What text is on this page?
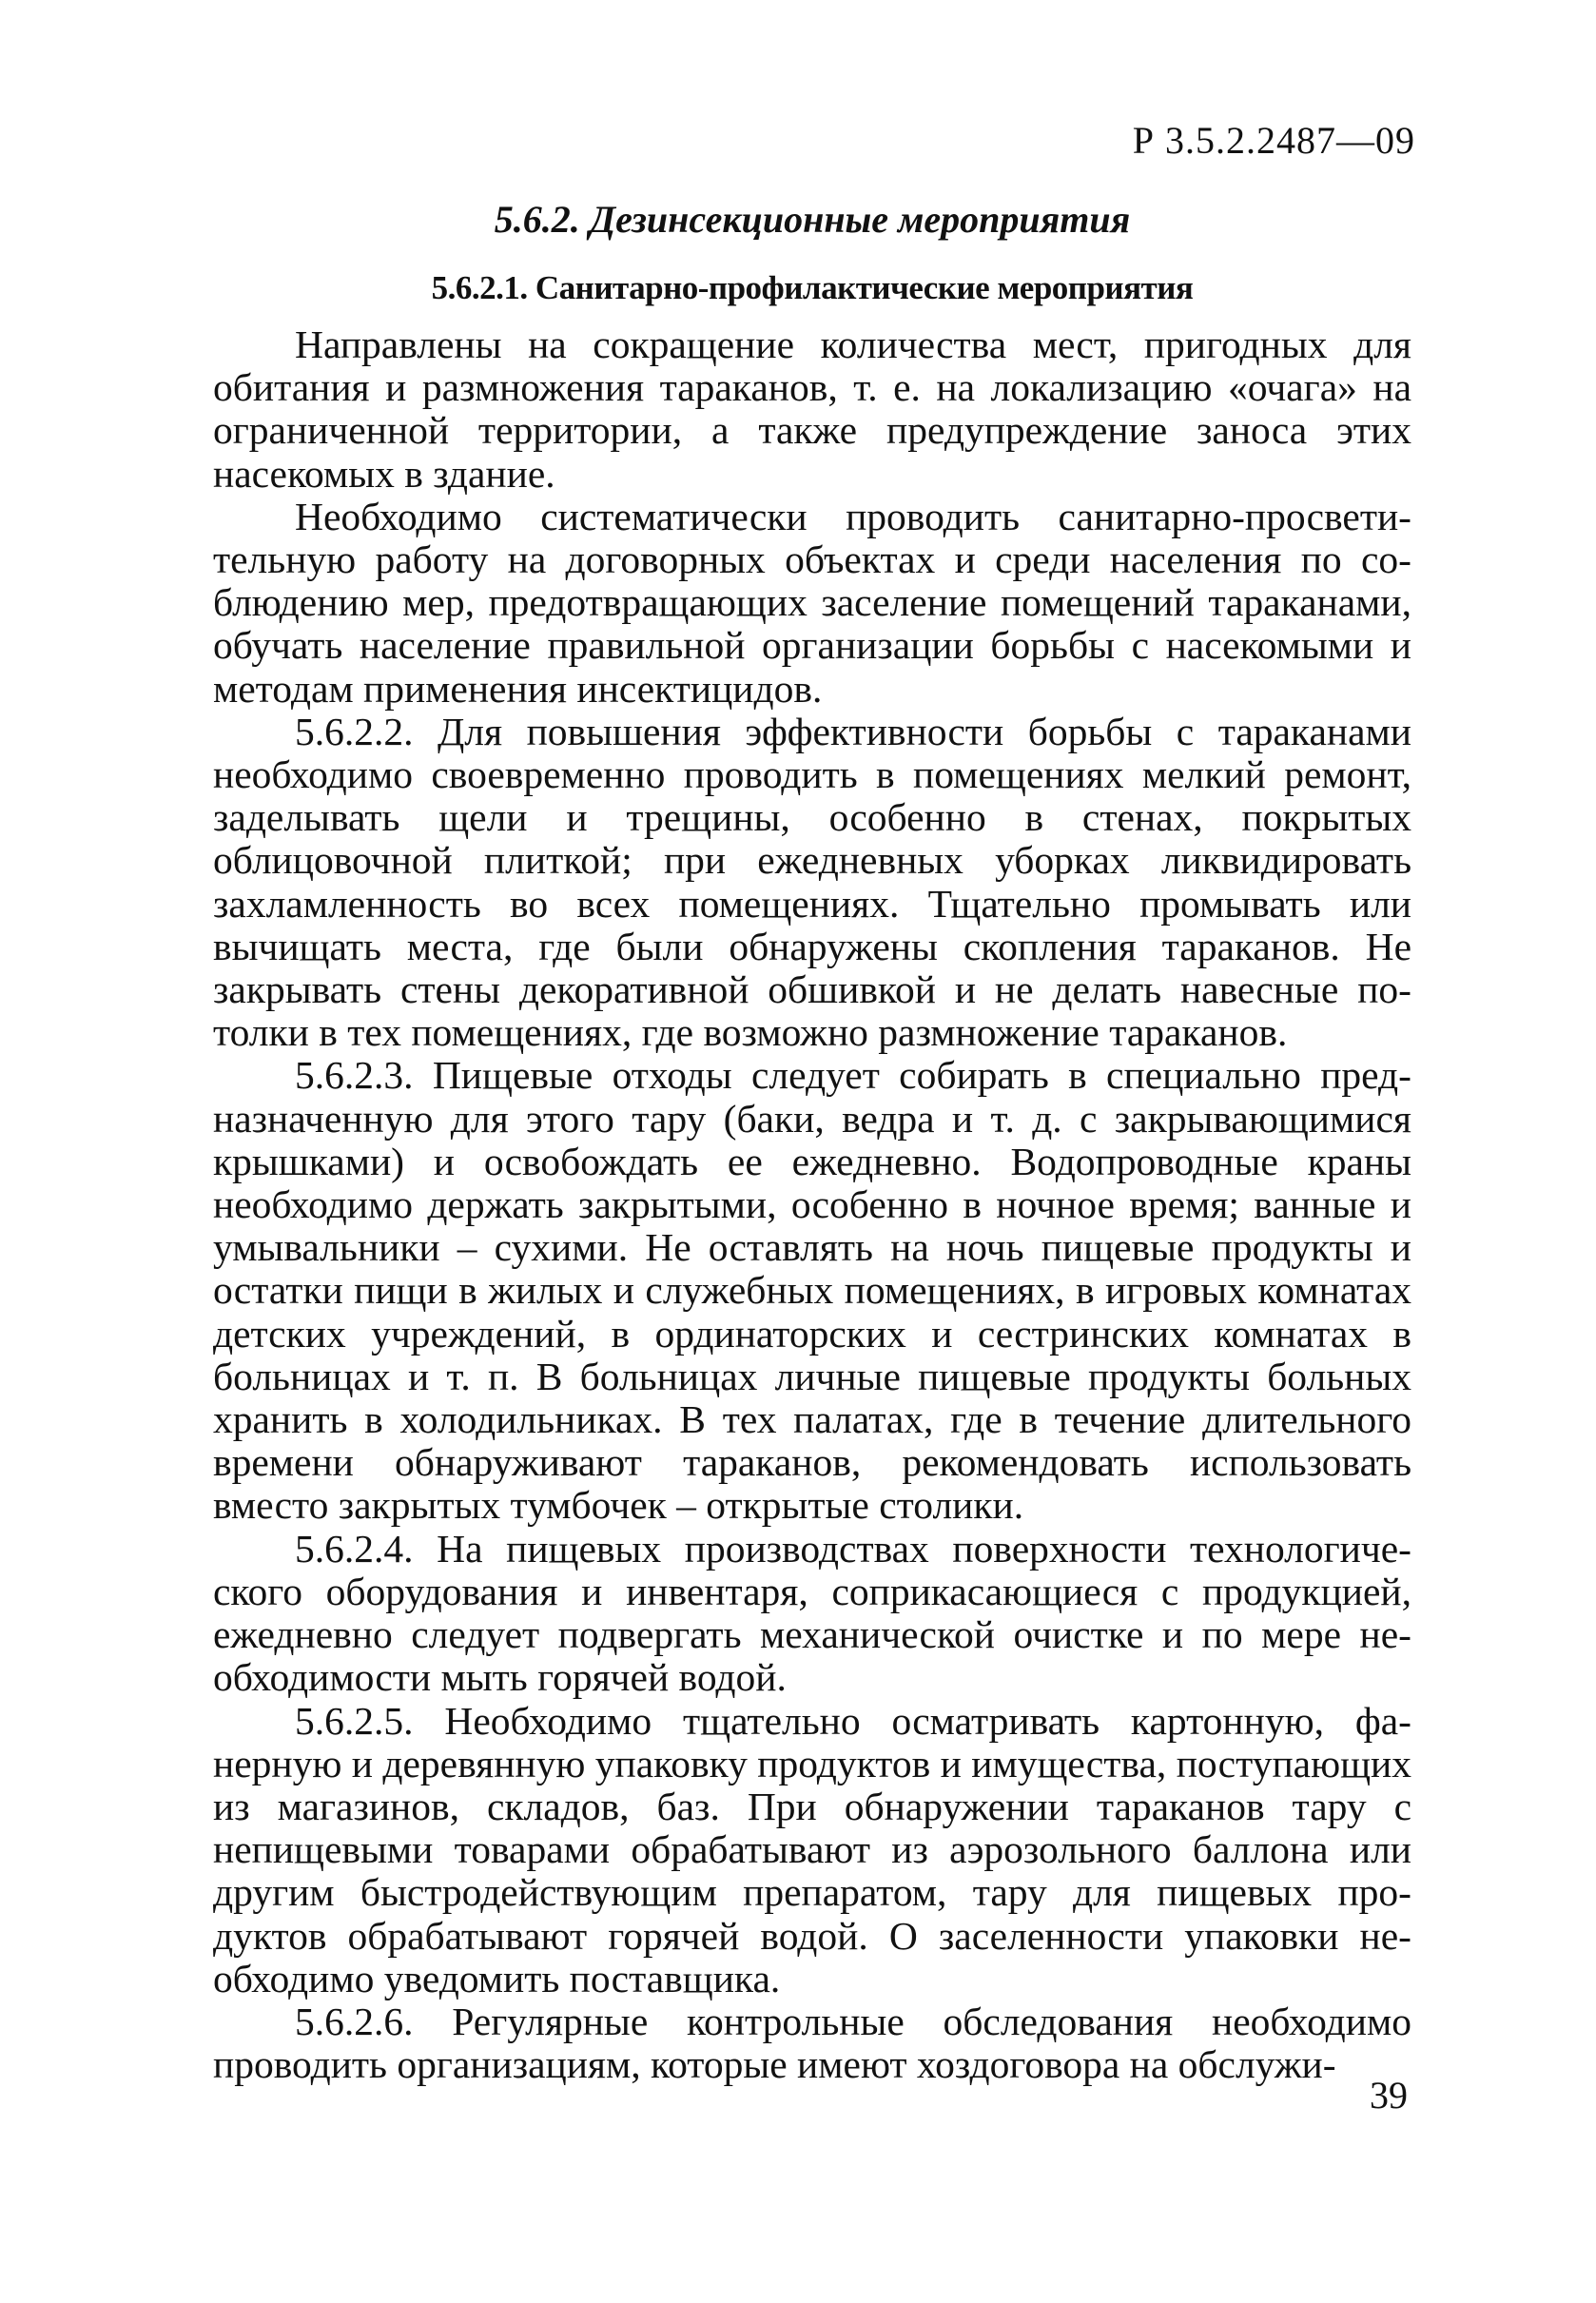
Р 3.5.2.2487—09
5.6.2. Дезинсекционные мероприятия
5.6.2.1. Санитарно-профилактические мероприятия

Направлены на сокращение количества мест, пригодных для обитания и размножения тараканов, т. е. на локализацию «очага» на ограниченной территории, а также предупреждение заноса этих насекомых в здание.

Необходимо систематически проводить санитарно-просветительную работу на договорных объектах и среди населения по соблюдению мер, предотвращающих заселение помещений тараканами, обучать население правильной организации борьбы с насекомыми и методам применения инсектицидов.

5.6.2.2. Для повышения эффективности борьбы с тараканами необходимо своевременно проводить в помещениях мелкий ремонт, заделывать щели и трещины, особенно в стенах, покрытых облицовочной плиткой; при ежедневных уборках ликвидировать захламленность во всех помещениях. Тщательно промывать или вычищать места, где были обнаружены скопления тараканов. Не закрывать стены декоративной обшивкой и не делать навесные потолки в тех помещениях, где возможно размножение тараканов.

5.6.2.3. Пищевые отходы следует собирать в специально предназначенную для этого тару (баки, ведра и т. д. с закрывающимися крышками) и освобождать ее ежедневно. Водопроводные краны необходимо держать закрытыми, особенно в ночное время; ванные и умывальники – сухими. Не оставлять на ночь пищевые продукты и остатки пищи в жилых и служебных помещениях, в игровых комнатах детских учреждений, в ординаторских и сестринских комнатах в больницах и т. п. В больницах личные пищевые продукты больных хранить в холодильниках. В тех палатах, где в течение длительного времени обнаруживают тараканов, рекомендовать использовать вместо закрытых тумбочек – открытые столики.

5.6.2.4. На пищевых производствах поверхности технологического оборудования и инвентаря, соприкасающиеся с продукцией, ежедневно следует подвергать механической очистке и по мере необходимости мыть горячей водой.

5.6.2.5. Необходимо тщательно осматривать картонную, фанерную и деревянную упаковку продуктов и имущества, поступающих из магазинов, складов, баз. При обнаружении тараканов тару с непищевыми товарами обрабатывают из аэрозольного баллона или другим быстродействующим препаратом, тару для пищевых продуктов обрабатывают горячей водой. О заселенности упаковки необходимо уведомить поставщика.

5.6.2.6. Регулярные контрольные обследования необходимо проводить организациям, которые имеют хоздоговора на обслужи-

39
